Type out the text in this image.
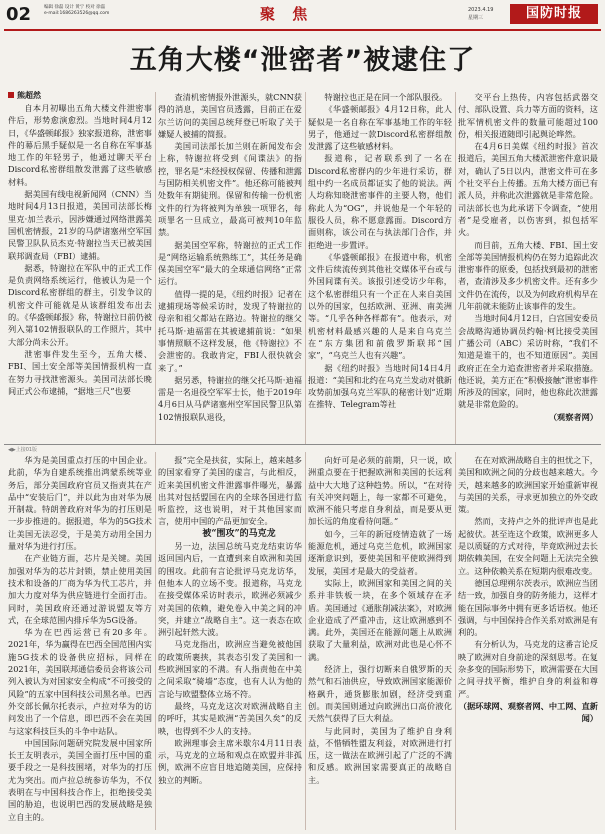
02	编辑 徐磊 设计 黄宁 校对 徐磊
e-mail:1686263526@qq.com	聚 焦	2023.4.19
星期三	国防时报
五角大楼“泄密者”被逮住了
熊超然

自本月初曝出五角大楼文件泄密事件后，形势愈演愈烈。当地时间4月12日，《华盛顿邮报》独家报道称，泄密事件的幕后黑手疑似是一名自称在军事基地工作的年轻男子，他通过聊天平台Discord私密群组散发泄露了这些敏感材料。

据美国有线电视新闻网（CNN）当地时间4月13日报道，美国司法部长梅里克·加兰表示，因涉嫌通过网络泄露美国机密情报，21岁的马萨诸塞州空军国民警卫队队员杰克·特谢拉当天已被美国联邦调查局（FBI）逮捕。

据悉，特谢拉在军队中的正式工作是负责网络系统运行，他被认为是一个Discord私密群组的群主，引发争议的机密文件可能就是从该群组发布出去的。《华盛顿邮报》称，特谢拉日前仍被列入第102情报联队的工作照片，其中大部分尚未公开。

泄密事件发生至今，五角大楼、FBI、国土安全部等美国情报机构一直在努力寻找泄密源头。美国司法部长晚间正式公布逮捕，“据地三尺”也要

查清机密情报外泄源头，就CNN获得的消息，美国官员透露，目前正在爱尔兰访问的美国总统拜登已听取了关于嫌疑人被捕的简报。

美国司法部长加兰则在新闻发布会上称，特谢拉将受到《间谍法》的指控，罪名是“未经授权保留、传播和泄露与国防相关机密文件”。他还称可能被判处数年有期徒刑。保留和传输一份机密文件的行为将被判为单独一项罪名，每项罪名一旦成立，最高可被判10年监禁。

据美国空军称，特谢拉的正式工作是“网络运输系统熟练工”，其任务是确保美国空军“最大的全球通信网络”正常运行。

值得一提的是，《纽约时报》记者在逮捕现场等候采访时，发现了特谢拉的母亲和祖父都站在路边。特谢拉的继父托马斯·迪福雷在其被逮捕前说：“如果事情照顺不这样发展，他《特谢拉》不会泄密的。我敢肯定，FBI人很快就会来了。”

据另悉，特谢拉的继父托马斯·迪福雷是一名退役空军军士长，他于2019年4月6日从马萨诸塞州空军国民警卫队第102情报联队退役，

特谢拉也正是在同一个部队服役。

《华盛顿邮报》4月12日称，此人疑似是一名自称在军事基地工作的年轻男子，他通过一款Discord私密群组散发泄露了这些敏感材料。

报道称，记者联系到了一名在Discord私密群内的少年进行采访，群组中约一名成员都证实了他的说法。两人均称知晓泄密事件的主要人物，他们称此人为“OG”，并说他是一个年轻的服役人员，称不愿意露面。Discord方面则称，该公司在与执法部门合作，并拒绝进一步置评。

《华盛顿邮报》在报道中称，机密文件后续流传到其他社交媒体平台或与外国间谍有关。该报引述受访少年称，这个私密群组只有一个正在人来自美国以外的国家，包括欧洲、亚洲、南美洲等。“几乎各种各样都有”。他表示，对机密材料最感兴趣的人是来自乌克兰在“东方集团和前俄罗斯联邦“国家”，“乌克兰人也有兴趣”。

据《纽约时报》当地时间14日4月报道：“美国和北约在乌克兰发动对俄新攻势前加强乌克兰军队的秘密计划”近期在推特、Telegram等社

交平台上热传，内容包括武器交付、部队设置、兵力等方面的资料，这批军情机密文件的数量可能超过100份，相关报道随即引起舆论哗然。

在4月6日美媒《纽约时报》首次报道后，美国五角大楼派泄密件意识最对，确认了5日以内，泄密文件可在多个社交平台上传播。五角大楼方面已有派人员，并称此次泄露就是非常危险。司法部长也为此承诺下令调查，“使用者”是受雇者，以伤害到，拟包括军火。

而目前，五角大楼、FBI、国土安全部等美国情报机构仍在努力追踪此次泄密事件的原委，包括找到最初的泄密者，查清涉及多少机密文件。还有多少文件仍在流传，以及为何政府机构早在几年前就未能防止该事件的发生。

当地时间4月12日，白宫国安委员会战略沟通协调员约翰·柯比接受美国广播公司（ABC）采访时称，“我们不知道是谁干的，也不知道原因”。美国政府正在全力追查泄密者并采取措施。他还说，美方正在“积极接触”泄密事件所涉及的国家，同时，他也称此次泄露就是非常危险的。

（观察者网）

◀▶上接01版

华为是美国重点打压的中国企业。此前，华为自建系统推出鸿蒙系统等业务后，部分美国政府官员又指责其在产品中“安装后门”，并以此为由对华为展开制裁。特朗普政府对华为的打压则是一步步推进的。据报道，华为的5G技术让美国无法忍受，于是美方动用全国力量对华为进行打压。

在产业链方面，芯片是关键。美国加强对华为的芯片封锁，禁止使用美国技术和设备的厂商为华为代工芯片，并加大力度对华为供应链进行全面打击。同时，美国政府还通过游说盟友等方式，在全球范围内排斥华为5G设备。

华为在巴西运营已有20多年。2021年，华为赢得在巴西全国范围内实施5G技术的设备供应招标，同样在2021年，美国联邦通信委员会将该公司列入被认为对国家安全构成“不可接受的风险”的五家中国科技公司黑名单。巴西外交部长佩尔托表示，卢拉对华为的访问发出了一个信息，即巴西不会在美国与这家科技巨头的斗争中站队。

中国国际问题研究院发展中国家所长王友明表示，美国全面打压中国的重要手段之一是科技围堵，对华为的打压尤为突出。而卢拉总统参访华为，不仅表明在与中国科技合作上，拒绝接受美国的胁迫，也说明巴西的发展战略是独立自主的。

报”完全是扶贫，实际上，越来越多的国家看穿了美国的虚言，与此相反，近来美国机密文件泄露事件曝光，暴露出其对包括盟国在内的全球各国进行监听监控，这也说明，对于其他国家而言，使用中国的产品更加安全。

被“围攻”的马克龙

另一边，法国总统马克龙结束访华返回国内后，一直遭到来自欧洲和美国的围攻。此前有言论批评马克龙访华，但他本人的立场不变。报道称，马克龙在接受媒体采访时表示，欧洲必须减少对美国的依赖，避免卷入中美之间的冲突，并建立“战略自主”。这一表态在欧洲引起轩然大波。

马克龙指出，欧洲应当避免被他国的政策所裹挟，其表态引发了美国和一些欧洲国家的不满。有人指责他在中美之间采取“骑墙”态度，也有人认为他的言论与欧盟整体立场不符。

最终，马克龙这次对欧洲战略自主的呼吁，其实是欧洲“苦美国久矣”的反映，也得到不少人的支持。

欧洲理事会主席米歇尔4月11日表示，马克龙的立场和观点在欧盟并非孤例，欧洲不应盲目地追随美国，应保持独立的判断。

向好可是必须的前期，只一说，欧洲重点要在于把握欧洲和美国的长远利益中大大地了这种趋势。所以，“在对待有关冲突问题上，每一家都不可避免，欧洲不能只考虑自身利益，而是要从更加长远的角度看待问题。”

如今，三年的新冠疫情造就了一场能源危机，通过乌克兰危机，欧洲国家逐渐意识到，要使美国和平使欧洲得到发展，美国才是最大的受益者。

实际上，欧洲国家和美国之间的关系并非铁板一块，在多个领域存在矛盾。美国通过《通胀削减法案》，对欧洲企业造成了严重冲击，这让欧洲感到不满。此外，美国还在能源问题上从欧洲获取了大量利益，欧洲对此也是心怀不满。

经济上，强行切断来自俄罗斯的天然气和石油供应，导致欧洲国家能源价格飙升，通货膨胀加剧，经济受到重创。而美国则通过向欧洲出口高价液化天然气获得了巨大利益。

与此同时，美国为了维护自身利益，不惜牺牲盟友利益，对欧洲进行打压，这一做法在欧洲引起了广泛的不满和反感。欧洲国家需要真正的战略自主。

在在对欧洲战略自主的担忧之下，美国和欧洲之间的分歧也越来越大。今天，越来越多的欧洲国家开始重新审视与美国的关系，寻求更加独立的外交政策。

然而，支持卢之外的批评声也是此起彼伏。甚至连这个政策，欧洲更多人是以质疑的方式对待，毕竟欧洲过去长期依赖美国，在安全问题上无法完全独立。这种依赖关系在短期内很难改变。

德国总理朔尔茨表示，欧洲应当团结一致，加强自身的防务能力，这样才能在国际事务中拥有更多话语权。他还强调，与中国保持合作关系对欧洲是有利的。

有分析认为，马克龙的这番言论反映了欧洲对自身前途的深刻思考。在复杂多变的国际形势下，欧洲需要在大国之间寻找平衡，维护自身的利益和尊严。

（据环球网、观察者网、中工网、直新闻）
